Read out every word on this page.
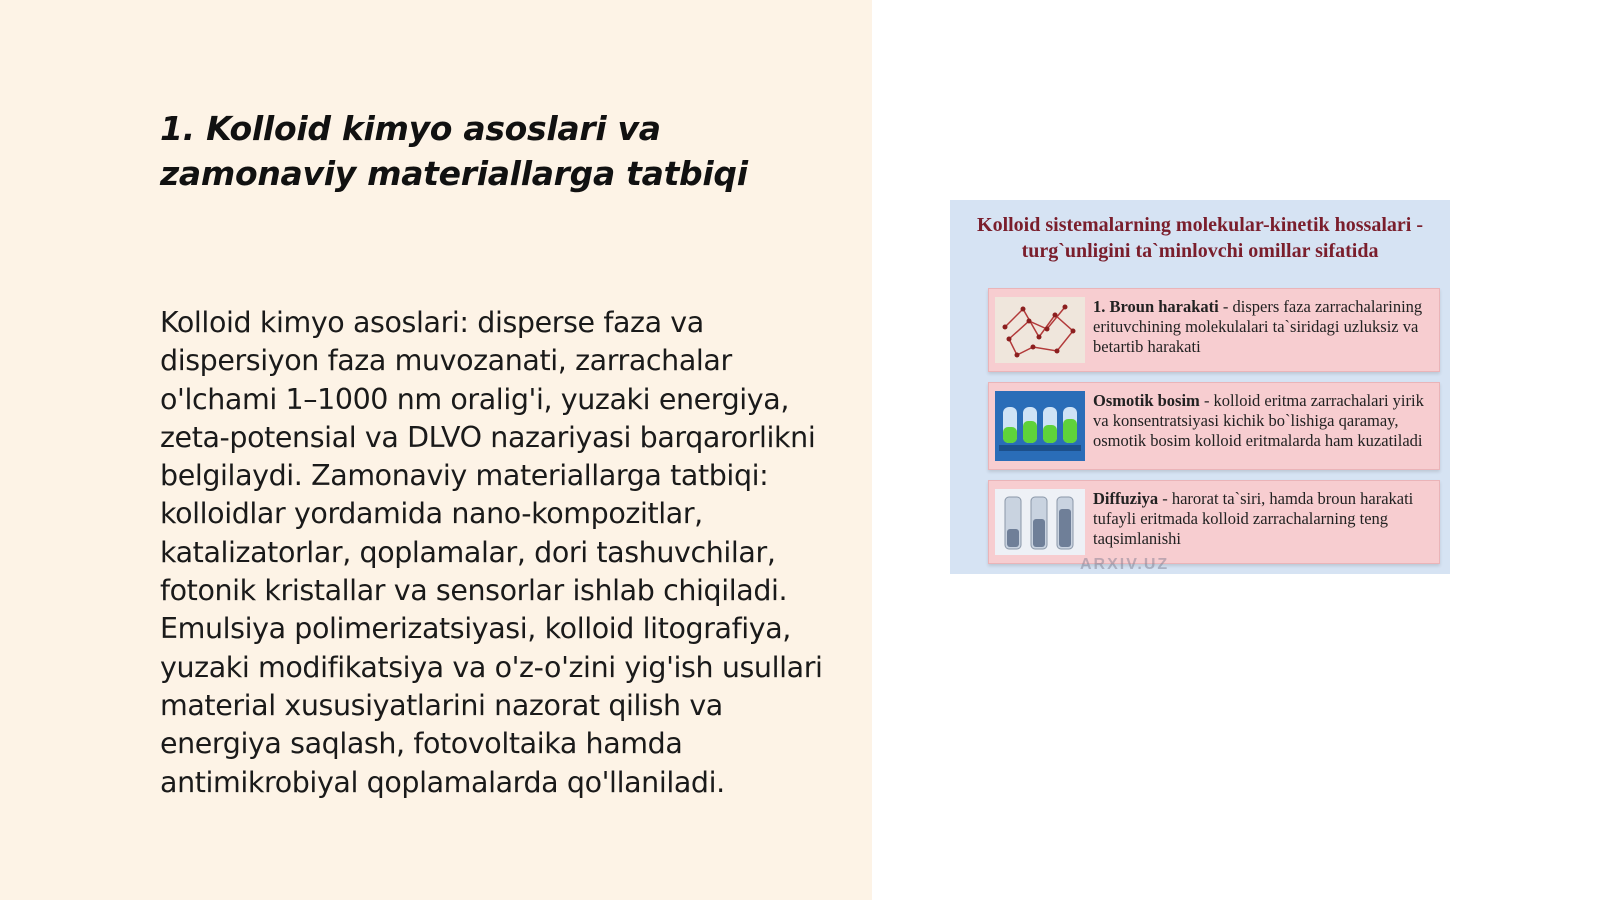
1. Kolloid kimyo asoslari va zamonaviy materiallarga tatbiqi

Kolloid kimyo asoslari: disperse faza va dispersiyon faza muvozanati, zarrachalar o'lchami 1–1000 nm oralig'i, yuzaki energiya, zeta-potensial va DLVO nazariyasi barqarorlikni belgilaydi. Zamonaviy materiallarga tatbiqi: kolloidlar yordamida nano-kompozitlar, katalizatorlar, qoplamalar, dori tashuvchilar, fotonik kristallar va sensorlar ishlab chiqiladi. Emulsiya polimerizatsiyasi, kolloid litografiya, yuzaki modifikatsiya va o'z-o'zini yig'ish usullari material xususiyatlarini nazorat qilish va energiya saqlash, fotovoltaika hamda antimikrobiyal qoplamalarda qo'llaniladi.

Kolloid sistemalarning molekular-kinetik hossalari - turg`unligini ta`minlovchi omillar sifatida
1. Broun harakati - dispers faza zarrachalarining erituvchining molekulalari ta`siridagi uzluksiz va betartib harakati
Osmotik bosim - kolloid eritma zarrachalari yirik va konsentratsiyasi kichik bo`lishiga qaramay, osmotik bosim kolloid eritmalarda ham kuzatiladi
Diffuziya - harorat ta`siri, hamda broun harakati tufayli eritmada kolloid zarrachalarning teng taqsimlanishi
ARXIV.UZ
